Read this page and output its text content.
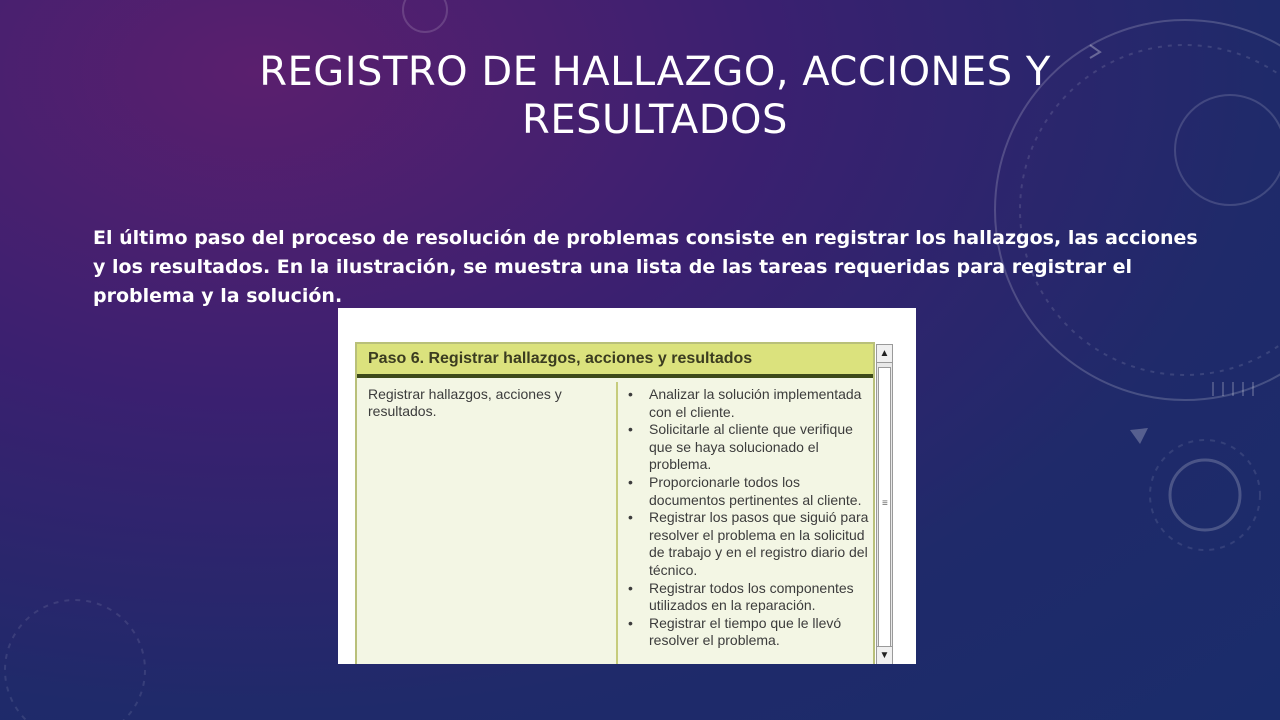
REGISTRO DE HALLAZGO, ACCIONES Y
RESULTADOS
El último paso del proceso de resolución de problemas consiste en registrar los hallazgos, las acciones y los resultados. En la ilustración, se muestra una lista de las tareas requeridas para registrar el problema y la solución.
Paso 6. Registrar hallazgos, acciones y resultados
Registrar hallazgos, acciones y resultados.
• Analizar la solución implementada con el cliente.
• Solicitarle al cliente que verifique que se haya solucionado el problema.
• Proporcionarle todos los documentos pertinentes al cliente.
• Registrar los pasos que siguió para resolver el problema en la solicitud de trabajo y en el registro diario del técnico.
• Registrar todos los componentes utilizados en la reparación.
• Registrar el tiempo que le llevó resolver el problema.
▲
≡
▼
